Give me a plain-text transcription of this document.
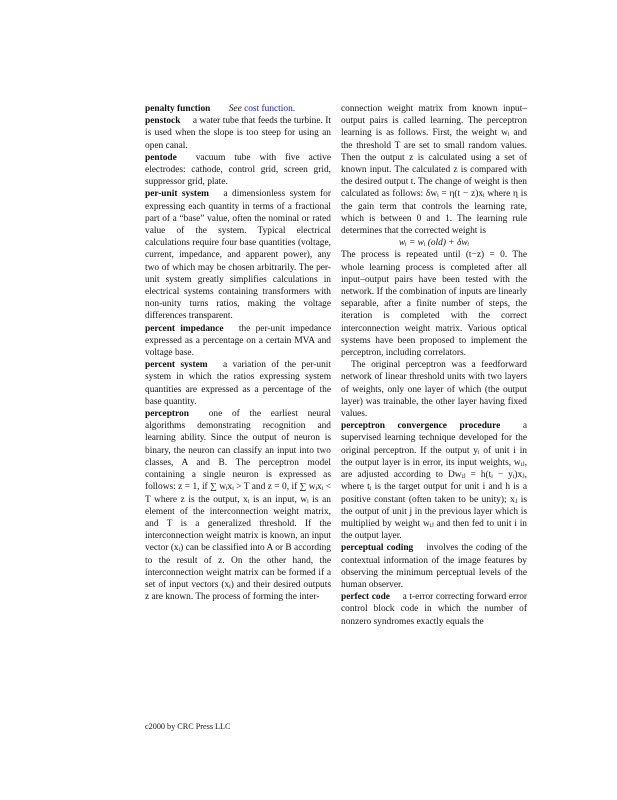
penalty function See cost function.

penstock a water tube that feeds the turbine. It is used when the slope is too steep for using an open canal.

pentode vacuum tube with five active electrodes: cathode, control grid, screen grid, suppressor grid, plate.

per-unit system a dimensionless system for expressing each quantity in terms of a fractional part of a “base” value, often the nominal or rated value of the system. Typical electrical calculations require four base quantities (voltage, current, impedance, and apparent power), any two of which may be chosen arbitrarily. The per-unit system greatly simplifies calculations in electrical systems containing transformers with non-unity turns ratios, making the voltage differences transparent.

percent impedance the per-unit impedance expressed as a percentage on a certain MVA and voltage base.

percent system a variation of the per-unit system in which the ratios expressing system quantities are expressed as a percentage of the base quantity.

perceptron one of the earliest neural algorithms demonstrating recognition and learning ability. Since the output of neuron is binary, the neuron can classify an input into two classes, A and B. The perceptron model containing a single neuron is expressed as follows: z = 1, if ∑ wᵢxᵢ > T and z = 0, if ∑ wᵢxᵢ < T where z is the output, xᵢ is an input, wᵢ is an element of the interconnection weight matrix, and T is a generalized threshold. If the interconnection weight matrix is known, an input vector (xᵢ) can be classified into A or B according to the result of z. On the other hand, the interconnection weight matrix can be formed if a set of input vectors (xᵢ) and their desired outputs z are known. The process of forming the inter-

connection weight matrix from known input–output pairs is called learning. The perceptron learning is as follows. First, the weight wᵢ and the threshold T are set to small random values. Then the output z is calculated using a set of known input. The calculated z is compared with the desired output t. The change of weight is then calculated as follows: δwᵢ = η(t − z)xᵢ where η is the gain term that controls the learning rate, which is between 0 and 1. The learning rule determines that the corrected weight is

wᵢ = wᵢ (old) + δwᵢ

The process is repeated until (t−z) = 0. The whole learning process is completed after all input–output pairs have been tested with the network. If the combination of inputs are linearly separable, after a finite number of steps, the iteration is completed with the correct interconnection weight matrix. Various optical systems have been proposed to implement the perceptron, including correlators.

The original perceptron was a feedforward network of linear threshold units with two layers of weights, only one layer of which (the output layer) was trainable, the other layer having fixed values.

perceptron convergence procedure a supervised learning technique developed for the original perceptron. If the output yᵢ of unit i in the output layer is in error, its input weights, wᵢⱼ, are adjusted according to Dwᵢⱼ = h(tᵢ − yᵢ)xⱼ, where tᵢ is the target output for unit i and h is a positive constant (often taken to be unity); xⱼ is the output of unit j in the previous layer which is multiplied by weight wᵢⱼ and then fed to unit i in the output layer.

perceptual coding involves the coding of the contextual information of the image features by observing the minimum perceptual levels of the human observer.

perfect code a t-error correcting forward error control block code in which the number of nonzero syndromes exactly equals the

c2000 by CRC Press LLC
